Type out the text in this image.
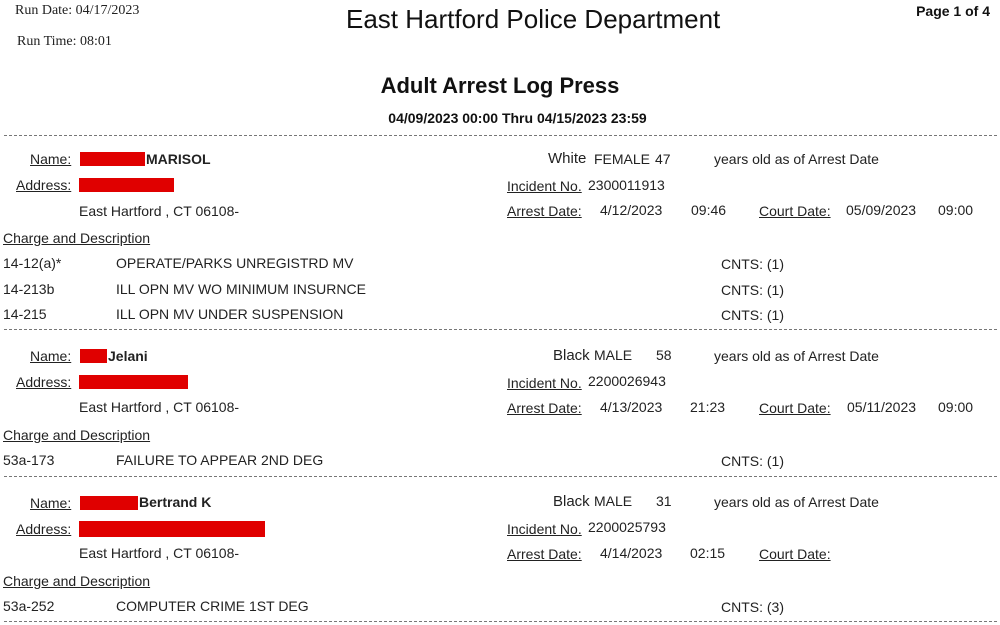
Run Date: 04/17/2023
Run Time: 08:01
East Hartford Police Department	Page 1 of 4
Adult Arrest Log Press
04/09/2023 00:00 Thru 04/15/2023 23:59
Name:	MARISOL	White FEMALE 47	years old as of Arrest Date
Address:	Incident No. 2300011913
East Hartford , CT 06108-	Arrest Date: 4/12/2023 09:46 Court Date: 05/09/2023 09:00
Charge and Description
14-12(a)*	OPERATE/PARKS UNREGISTRD MV	CNTS: (1)
14-213b	ILL OPN MV WO MINIMUM INSURNCE	CNTS: (1)
14-215	ILL OPN MV UNDER SUSPENSION	CNTS: (1)
Name:	Jelani	Black MALE 58	years old as of Arrest Date
Address:	Incident No. 2200026943
East Hartford , CT 06108-	Arrest Date: 4/13/2023 21:23 Court Date: 05/11/2023 09:00
Charge and Description
53a-173	FAILURE TO APPEAR 2ND DEG	CNTS: (1)
Name:	Bertrand K	Black MALE 31	years old as of Arrest Date
Address:	Incident No. 2200025793
East Hartford , CT 06108-	Arrest Date: 4/14/2023 02:15 Court Date:
Charge and Description
53a-252	COMPUTER CRIME 1ST DEG	CNTS: (3)
